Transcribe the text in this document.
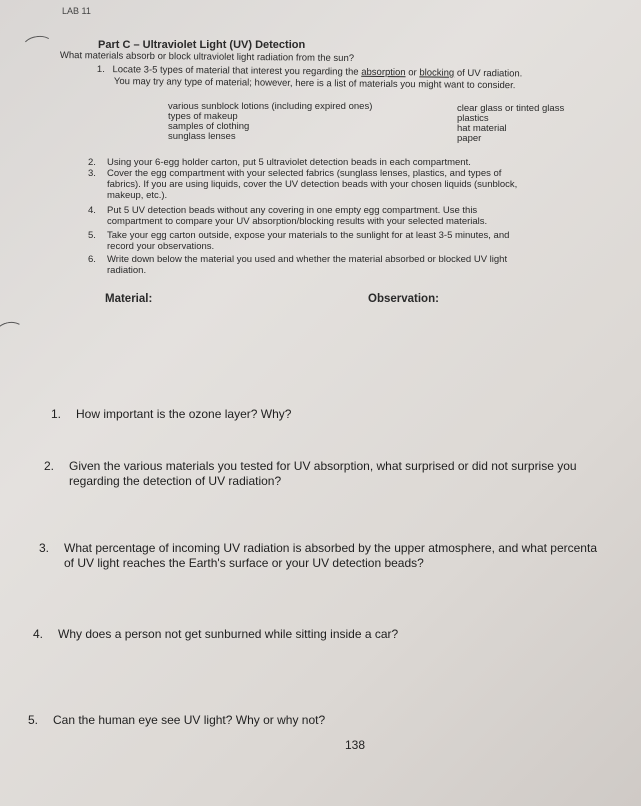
LAB 11
Part C – Ultraviolet Light (UV) Detection
What materials absorb or block ultraviolet light radiation from the sun?
1. Locate 3-5 types of material that interest you regarding the absorption or blocking of UV radiation.
You may try any type of material; however, here is a list of materials you might want to consider.
various sunblock lotions (including expired ones)
types of makeup
samples of clothing
sunglass lenses
clear glass or tinted glass
plastics
hat material
paper
2. Using your 6-egg holder carton, put 5 ultraviolet detection beads in each compartment.
3. Cover the egg compartment with your selected fabrics (sunglass lenses, plastics, and types of
fabrics). If you are using liquids, cover the UV detection beads with your chosen liquids (sunblock,
makeup, etc.).
4. Put 5 UV detection beads without any covering in one empty egg compartment. Use this
compartment to compare your UV absorption/blocking results with your selected materials.
5. Take your egg carton outside, expose your materials to the sunlight for at least 3-5 minutes, and
record your observations.
6. Write down below the material you used and whether the material absorbed or blocked UV light
radiation.
Material:	Observation:
1. How important is the ozone layer? Why?
2. Given the various materials you tested for UV absorption, what surprised or did not surprise you
regarding the detection of UV radiation?
3. What percentage of incoming UV radiation is absorbed by the upper atmosphere, and what percenta
of UV light reaches the Earth's surface or your UV detection beads?
4. Why does a person not get sunburned while sitting inside a car?
5. Can the human eye see UV light? Why or why not?
138
